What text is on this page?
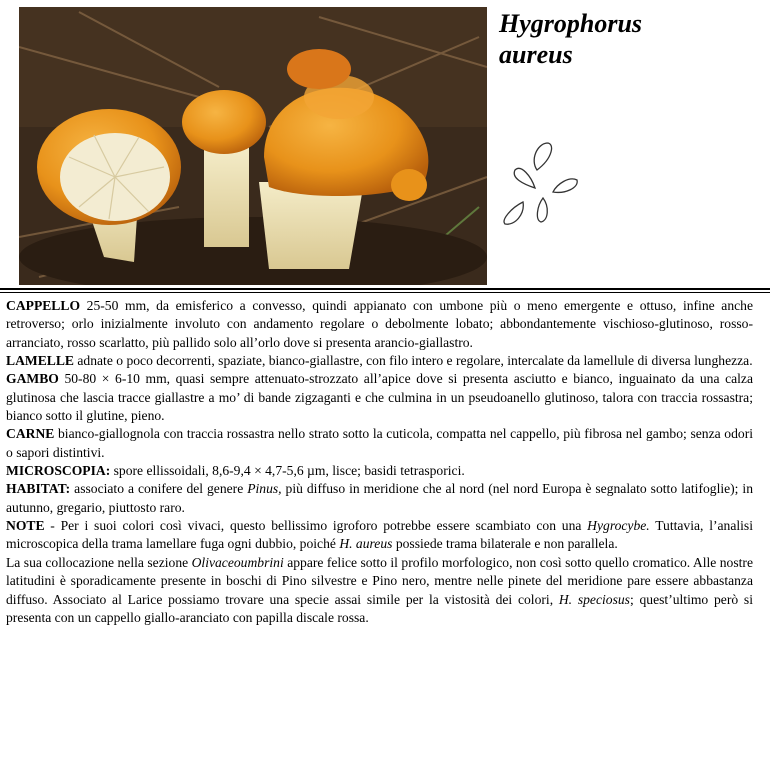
Hygrophorus
aureus

CAPPELLO 25-50 mm, da emisferico a convesso, quindi appianato con umbone più o meno emergente e ottuso, infine anche retroverso; orlo inizialmente involuto con andamento regolare o debolmente lobato; abbondantemente vischioso-glutinoso, rosso-arranciato, rosso scarlatto, più pallido solo all’orlo dove si presenta arancio-giallastro.

LAMELLE adnate o poco decorrenti, spaziate, bianco-giallastre, con filo intero e regolare, intercalate da lamellule di diversa lunghezza.

GAMBO 50-80 × 6-10 mm, quasi sempre attenuato-strozzato all’apice dove si presenta asciutto e bianco, inguainato da una calza glutinosa che lascia tracce giallastre a mo’ di bande zigzaganti e che culmina in un pseudoanello glutinoso, talora con traccia rossastra; bianco sotto il glutine, pieno.

CARNE bianco-giallognola con traccia rossastra nello strato sotto la cuticola, compatta nel cappello, più fibrosa nel gambo; senza odori o sapori distintivi.

MICROSCOPIA: spore ellissoidali, 8,6-9,4 × 4,7-5,6 µm, lisce; basidi tetrasporici.

HABITAT: associato a conifere del genere Pinus, più diffuso in meridione che al nord (nel nord Europa è segnalato sotto latifoglie); in autunno, gregario, piuttosto raro.

NOTE - Per i suoi colori così vivaci, questo bellissimo igroforo potrebbe essere scambiato con una Hygrocybe. Tuttavia, l’analisi microscopica della trama lamellare fuga ogni dubbio, poiché H. aureus possiede trama bilaterale e non parallela.

La sua collocazione nella sezione Olivaceoumbrini appare felice sotto il profilo morfologico, non così sotto quello cromatico. Alle nostre latitudini è sporadicamente presente in boschi di Pino silvestre e Pino nero, mentre nelle pinete del meridione pare essere abbastanza diffuso. Associato al Larice possiamo trovare una specie assai simile per la vistosità dei colori, H. speciosus; quest’ultimo però si presenta con un cappello giallo-aranciato con papilla discale rossa.
